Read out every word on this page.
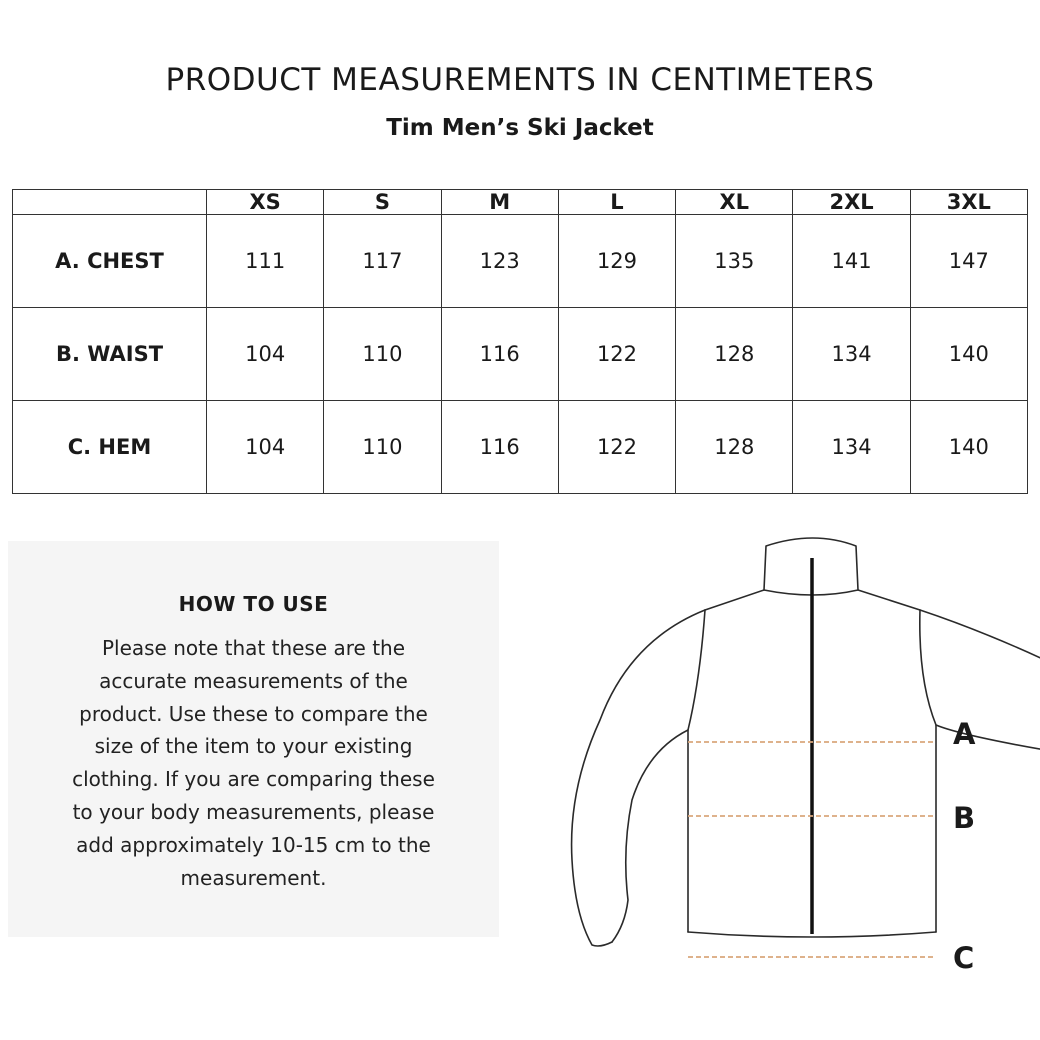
PRODUCT MEASUREMENTS IN CENTIMETERS
Tim Men’s Ski Jacket
	XS	S	M	L	XL	2XL	3XL
A. CHEST	111	117	123	129	135	141	147
B. WAIST	104	110	116	122	128	134	140
C. HEM	104	110	116	122	128	134	140
HOW TO USE
Please note that these are the
accurate measurements of the
product. Use these to compare the
size of the item to your existing
clothing. If you are comparing these
to your body measurements, please
add approximately 10-15 cm to the
measurement.
A
B
C
